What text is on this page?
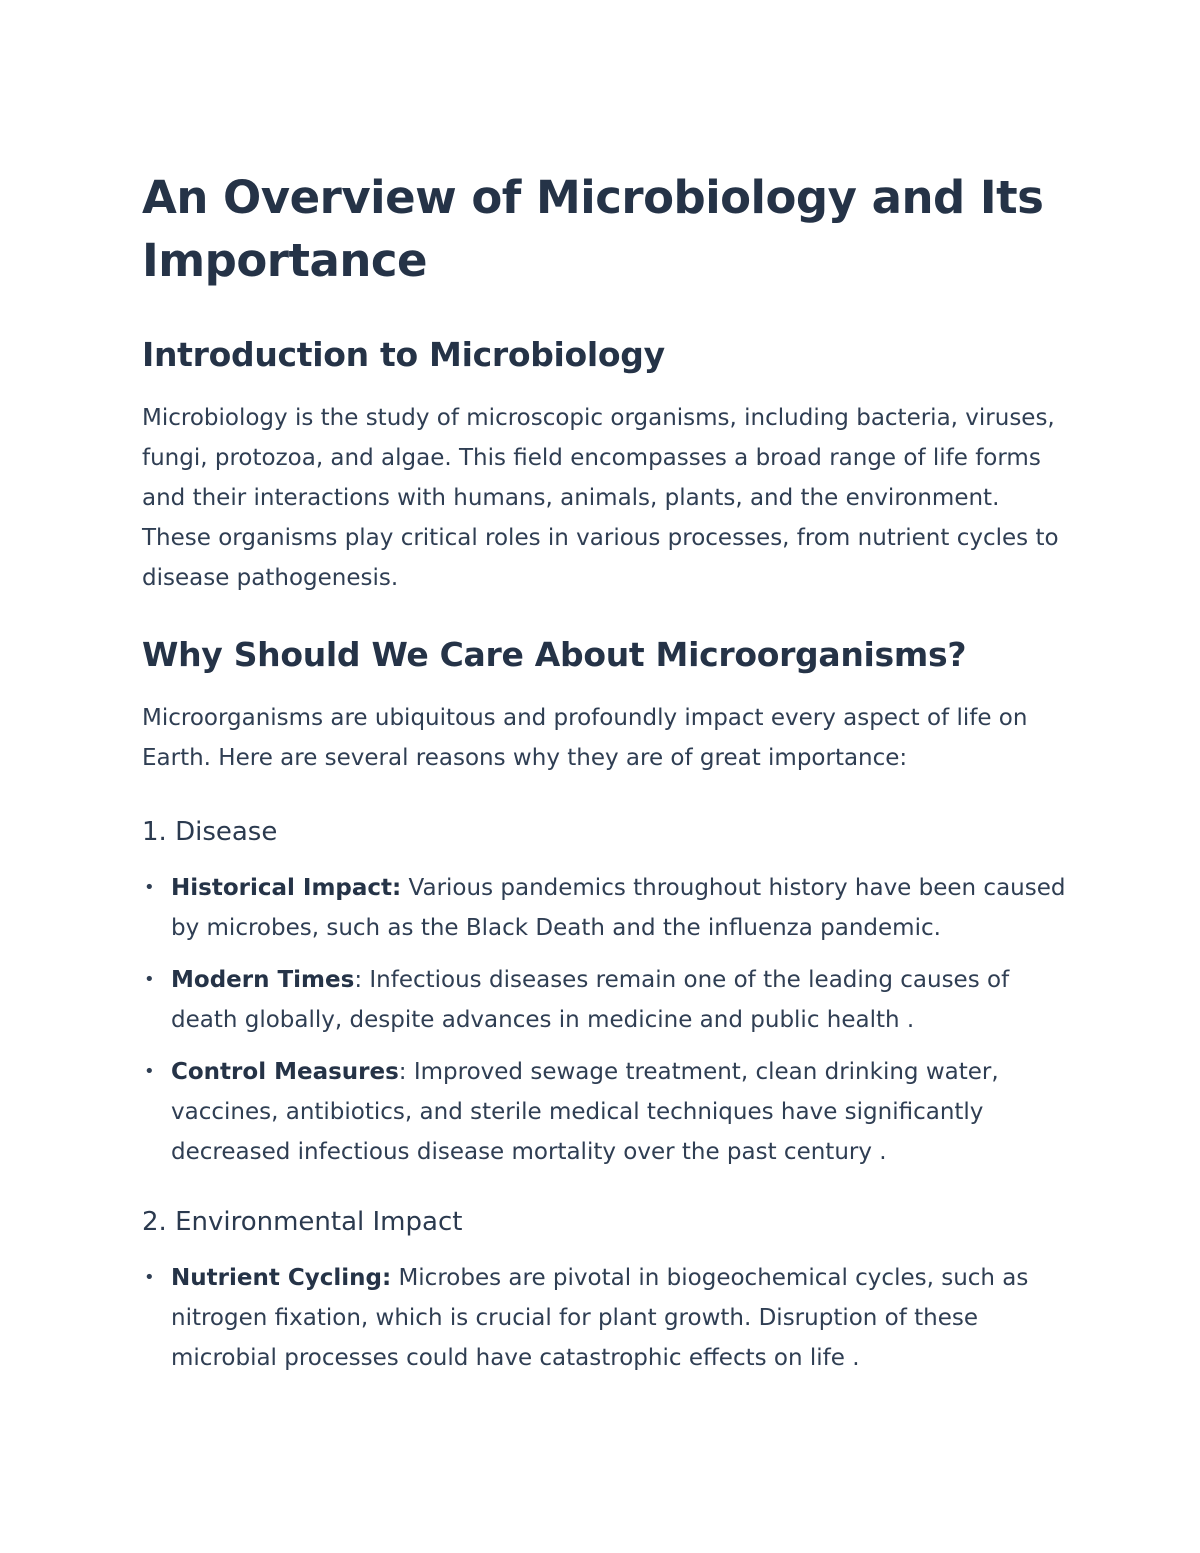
An Overview of Microbiology and Its Importance
Introduction to Microbiology

Microbiology is the study of microscopic organisms, including bacteria, viruses, fungi, protozoa, and algae. This field encompasses a broad range of life forms and their interactions with humans, animals, plants, and the environment. These organisms play critical roles in various processes, from nutrient cycles to disease pathogenesis.

Why Should We Care About Microorganisms?

Microorganisms are ubiquitous and profoundly impact every aspect of life on Earth. Here are several reasons why they are of great importance:

1. Disease
• Historical Impact: Various pandemics throughout history have been caused by microbes, such as the Black Death and the influenza pandemic.
• Modern Times: Infectious diseases remain one of the leading causes of death globally, despite advances in medicine and public health .
• Control Measures: Improved sewage treatment, clean drinking water, vaccines, antibiotics, and sterile medical techniques have significantly decreased infectious disease mortality over the past century .
2. Environmental Impact
• Nutrient Cycling: Microbes are pivotal in biogeochemical cycles, such as nitrogen fixation, which is crucial for plant growth. Disruption of these microbial processes could have catastrophic effects on life .
